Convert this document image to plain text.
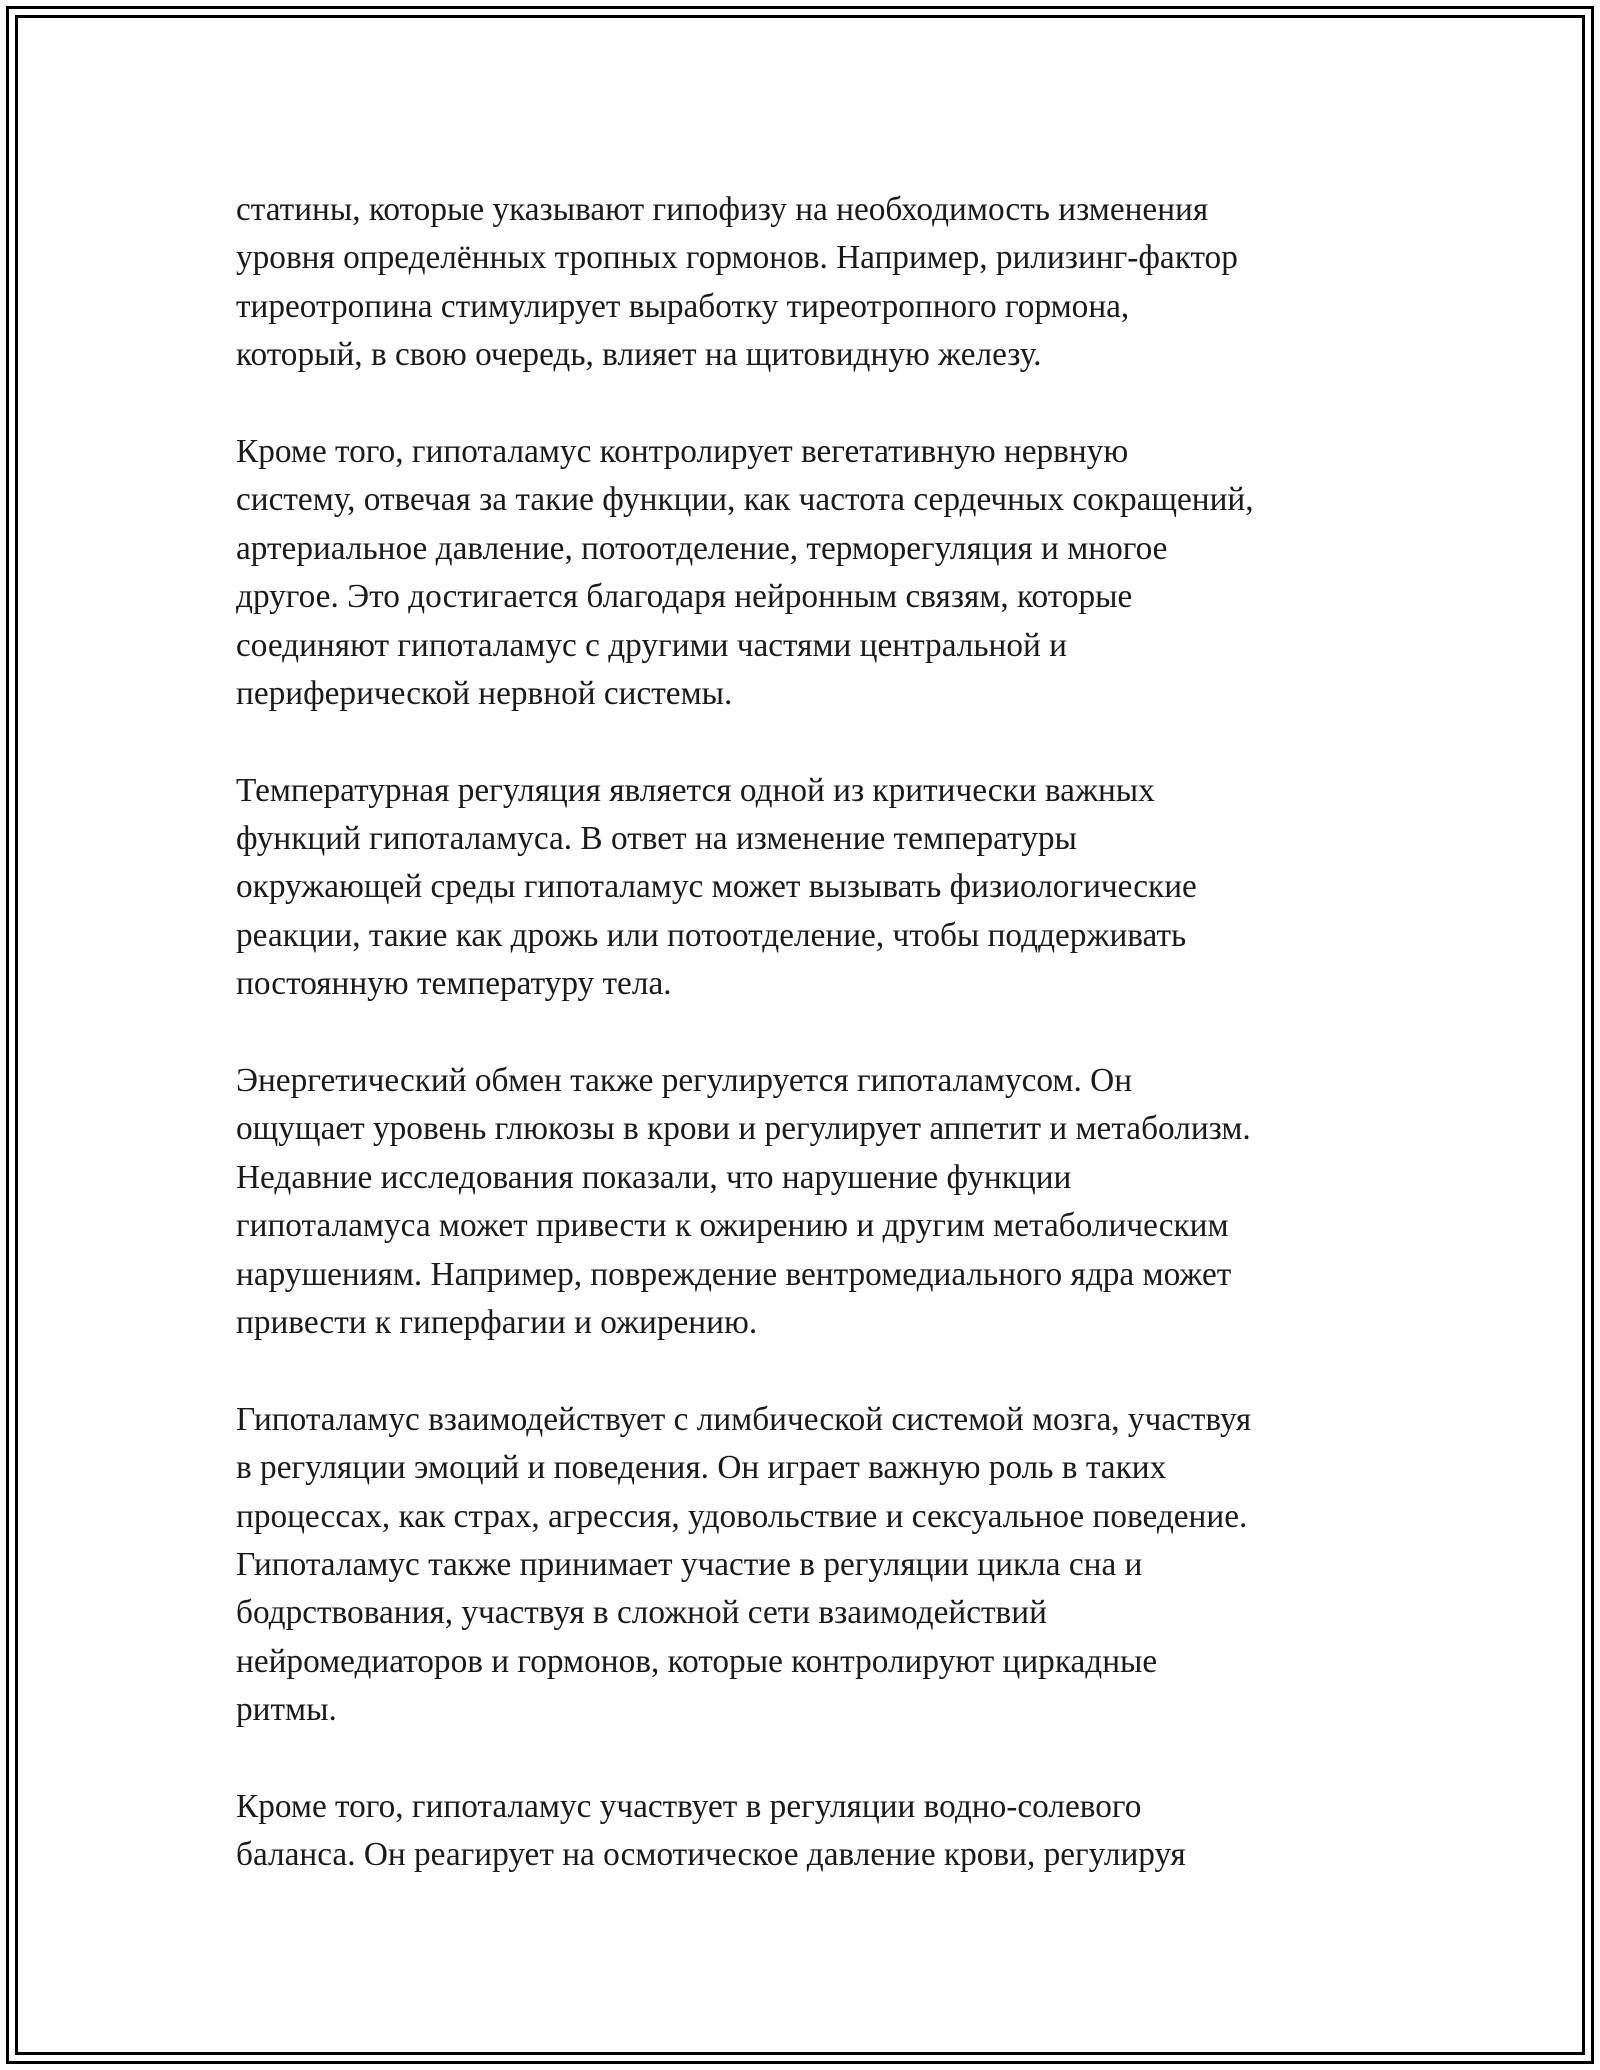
статины, которые указывают гипофизу на необходимость изменения
уровня определённых тропных гормонов. Например, рилизинг-фактор
тиреотропина стимулирует выработку тиреотропного гормона,
который, в свою очередь, влияет на щитовидную железу.
Кроме того, гипоталамус контролирует вегетативную нервную
систему, отвечая за такие функции, как частота сердечных сокращений,
артериальное давление, потоотделение, терморегуляция и многое
другое. Это достигается благодаря нейронным связям, которые
соединяют гипоталамус с другими частями центральной и
периферической нервной системы.
Температурная регуляция является одной из критически важных
функций гипоталамуса. В ответ на изменение температуры
окружающей среды гипоталамус может вызывать физиологические
реакции, такие как дрожь или потоотделение, чтобы поддерживать
постоянную температуру тела.
Энергетический обмен также регулируется гипоталамусом. Он
ощущает уровень глюкозы в крови и регулирует аппетит и метаболизм.
Недавние исследования показали, что нарушение функции
гипоталамуса может привести к ожирению и другим метаболическим
нарушениям. Например, повреждение вентромедиального ядра может
привести к гиперфагии и ожирению.
Гипоталамус взаимодействует с лимбической системой мозга, участвуя
в регуляции эмоций и поведения. Он играет важную роль в таких
процессах, как страх, агрессия, удовольствие и сексуальное поведение.
Гипоталамус также принимает участие в регуляции цикла сна и
бодрствования, участвуя в сложной сети взаимодействий
нейромедиаторов и гормонов, которые контролируют циркадные
ритмы.
Кроме того, гипоталамус участвует в регуляции водно-солевого
баланса. Он реагирует на осмотическое давление крови, регулируя
